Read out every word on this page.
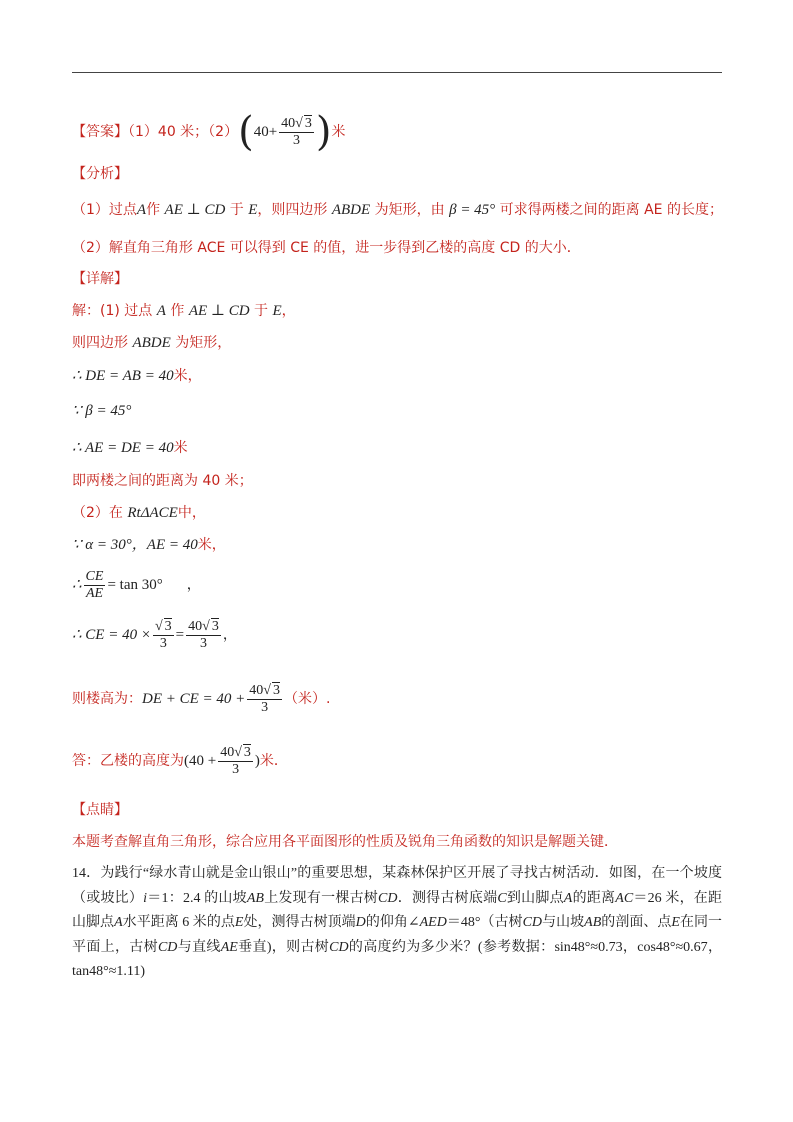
【答案】（1）40 米；$(2)(40+ \frac{40√ 3}{3}$ )米
【分析】
（1）过点A作 AE ⊥ CD 于 E，则四边形 ABDE 为矩形，由 β = 45° 可求得两楼之间的距离 AE 的长度；
（2）解直角三角形 ACE 可以得到 CE 的值，进一步得到乙楼的高度 CD 的大小．
【详解】
解：(1) 过点 A 作 AE ⊥ CD 于 E，
则四边形 ABDE 为矩形，
∴ DE = AB = 40米，
∵ β = 45°
∴ AE = DE = 40米
即两楼之间的距离为 40 米；
（2）在 RtΔACE中，
∵ α = 30°，AE = 40米，
∴ $\frac{CE}{AE} = \tan 30^\circ$ ，
∴ CE = $40 \times \frac{√ 3}{3} = \frac{40√ 3}{3}$ ，
则楼高为：DE + CE = $40 + \frac{40√ 3}{3}$ （米）.
答：乙楼的高度为($40 + \frac{40√ 3}{3}$ )米．
【点睛】
本题考查解直角三角形，综合应用各平面图形的性质及锐角三角函数的知识是解题关键．
14．为践行“绿水青山就是金山银山”的重要思想，某森林保护区开展了寻找古树活动．如图，在一个坡度（或坡比）i＝1：2.4 的山坡AB上发现有一棵古树CD．测得古树底端C到山脚点A的距离AC＝26 米，在距山脚点A水平距离 6 米的点E处，测得古树顶端D的仰角∠AED＝48°（古树CD与山坡AB的剖面、点E在同一平面上，古树CD与直线AE垂直)，则古树CD的高度约为多少米？(参考数据：sin48°≈0.73，cos48°≈0.67，tan48°≈1.11)
